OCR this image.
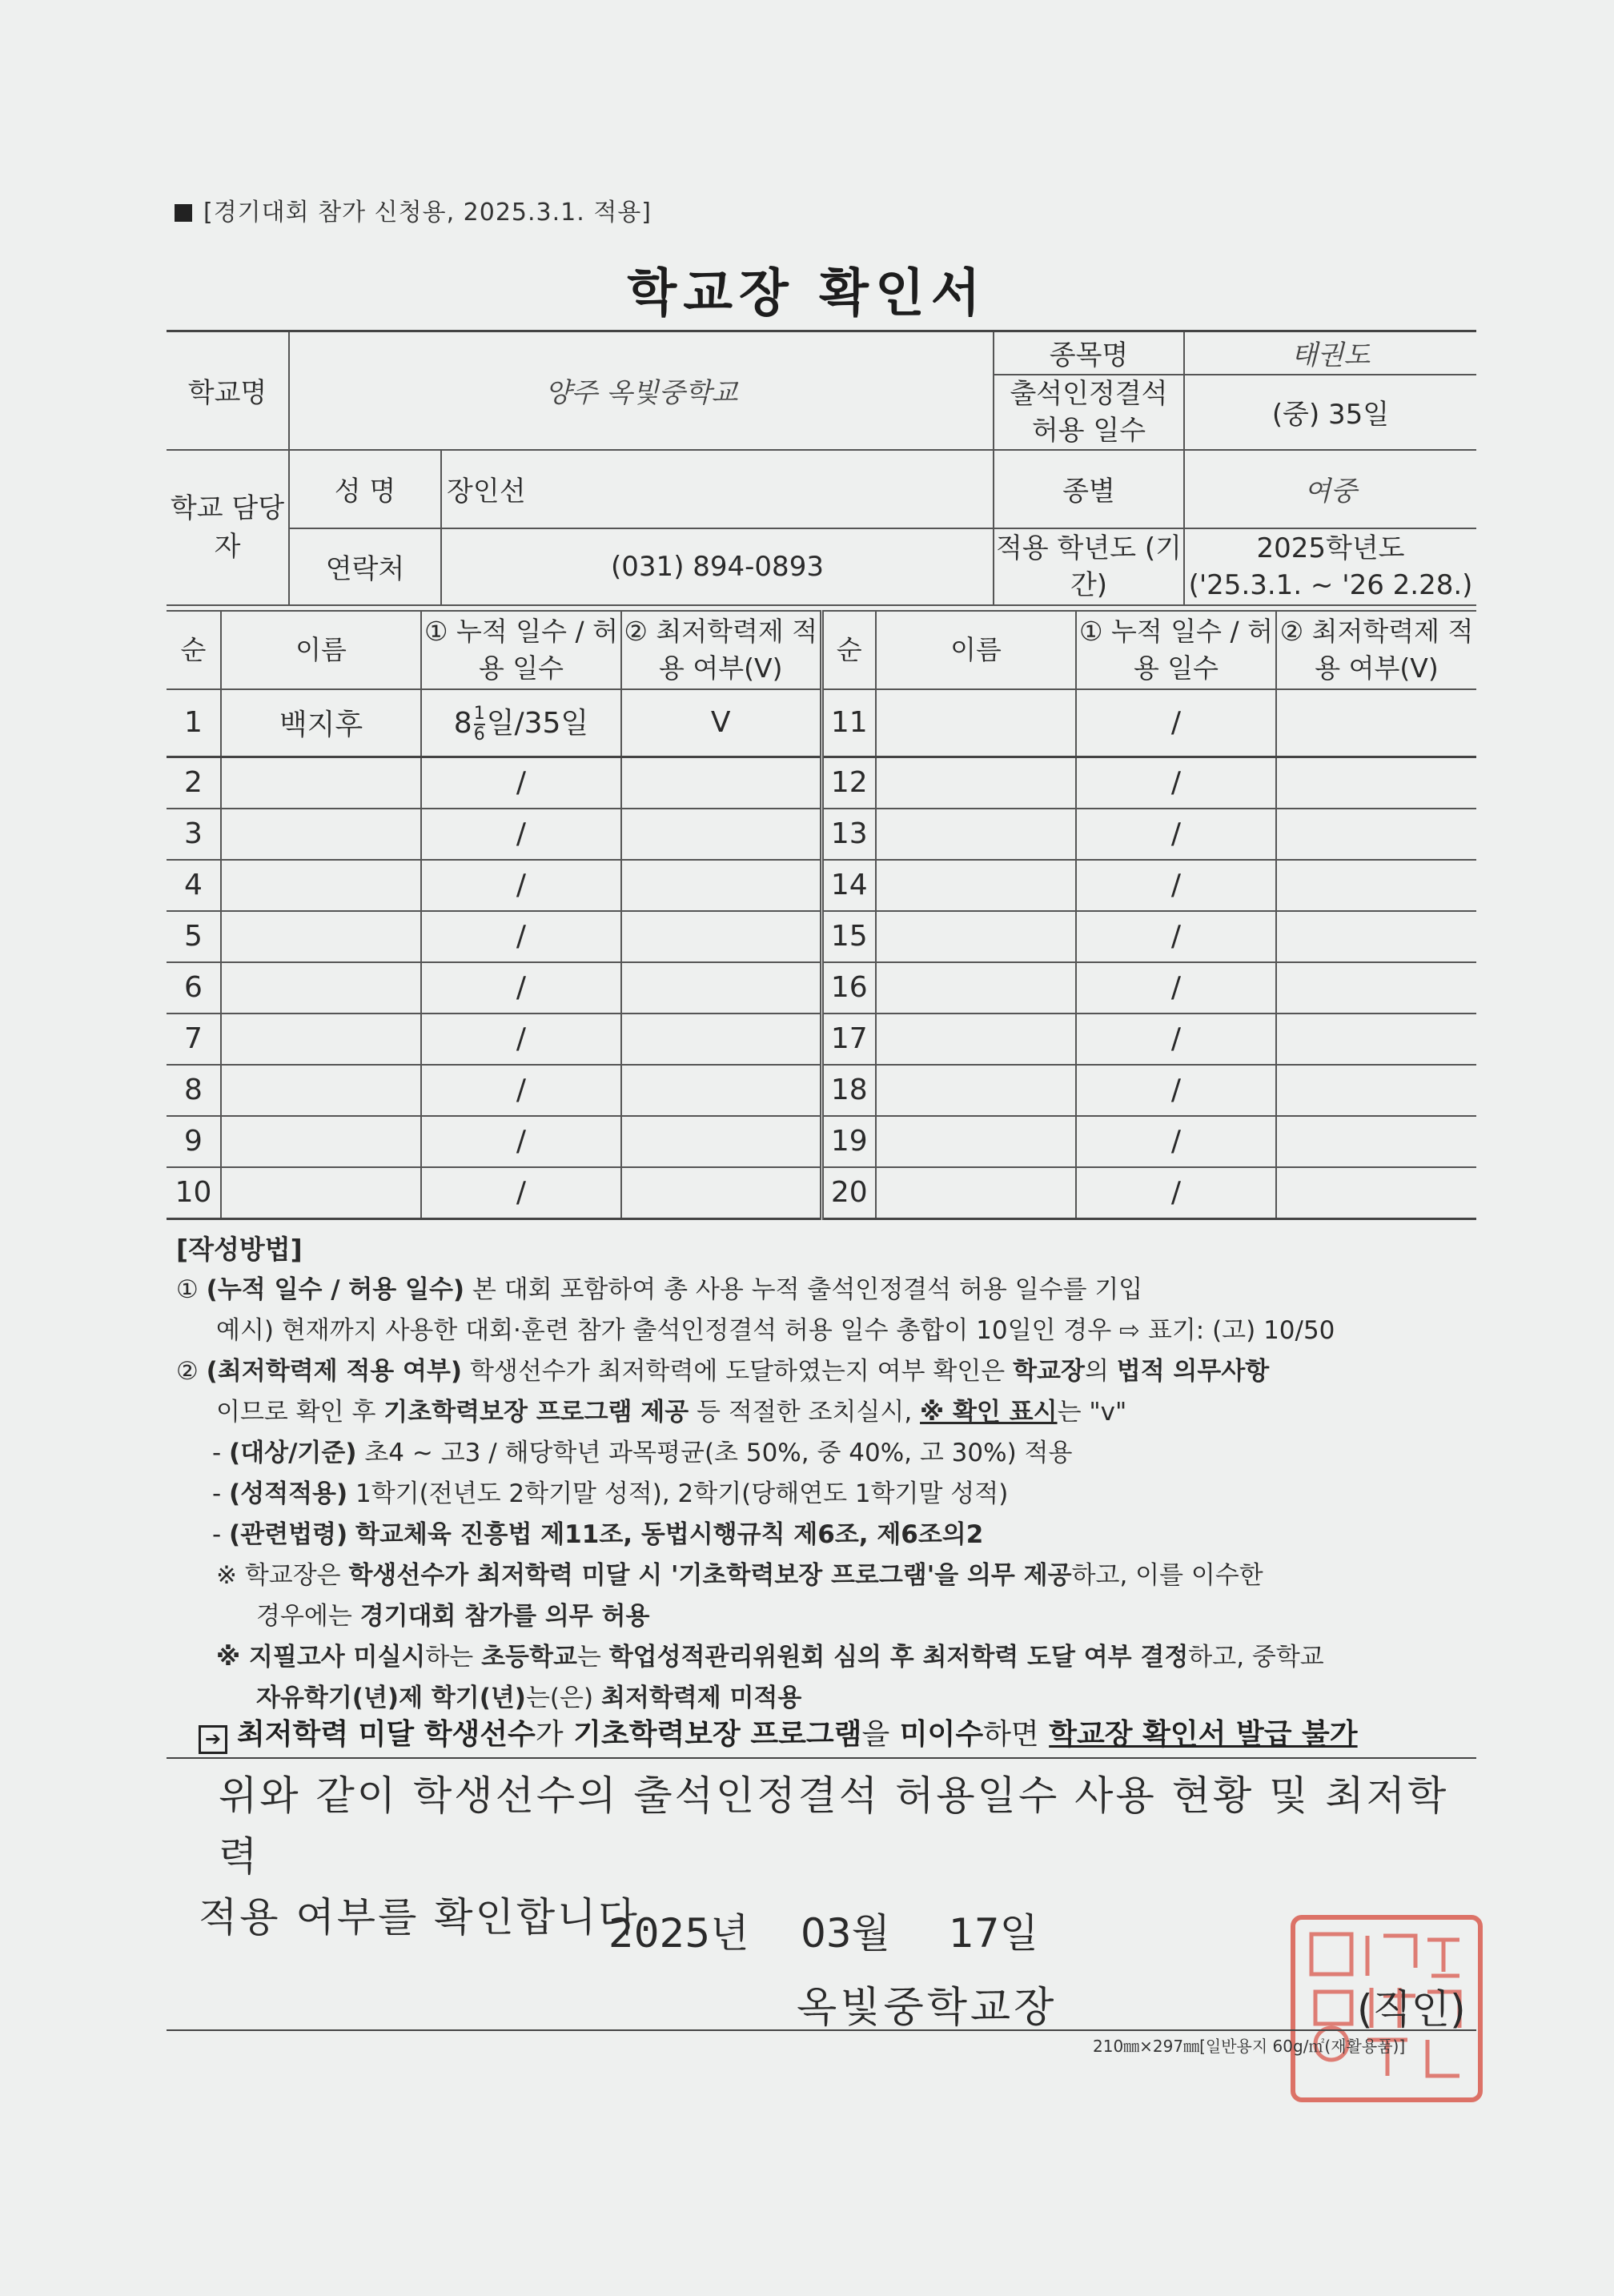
[경기대회 참가 신청용, 2025.3.1. 적용]
학교장 확인서
학교명	양주 옥빛중학교		종목명	태권도
			출석인정결석 허용 일수	(중) 35일
학교 담당자	성 명	장인선	종별	여중
	연락처	(031) 894-0893	적용 학년도 (기간)	2025학년도
('25.3.1. ~ '26 2.28.)
순	이름	① 누적 일수 / 허용 일수	② 최저학력제 적용 여부(V)	순	이름	① 누적 일수 / 허용 일수	② 최저학력제 적용 여부(V)
1	백지후	$8 \frac{1}{6}$ 일/35일	V	11		/	
2		/		12		/	
3		/		13		/	
4		/		14		/	
5		/		15		/	
6		/		16		/	
7		/		17		/	
8		/		18		/	
9		/		19		/	
10		/		20		/	
[작성방법]
① (누적 일수 / 허용 일수) 본 대회 포함하여 총 사용 누적 출석인정결석 허용 일수를 기입
예시) 현재까지 사용한 대회·훈련 참가 출석인정결석 허용 일수 총합이 10일인 경우 ⇨ 표기: (고) 10/50
② (최저학력제 적용 여부) 학생선수가 최저학력에 도달하였는지 여부 확인은 학교장의 법적 의무사항
이므로 확인 후 기초학력보장 프로그램 제공 등 적절한 조치실시, ※ 확인 표시는 "v"
- (대상/기준) 초4 ~ 고3 / 해당학년 과목평균(초 50%, 중 40%, 고 30%) 적용
- (성적적용) 1학기(전년도 2학기말 성적), 2학기(당해연도 1학기말 성적)
- (관련법령) 학교체육 진흥법 제11조, 동법시행규칙 제6조, 제6조의2
※ 학교장은 학생선수가 최저학력 미달 시 '기초학력보장 프로그램'을 의무 제공하고, 이를 이수한
경우에는 경기대회 참가를 의무 허용
※ 지필고사 미실시하는 초등학교는 학업성적관리위원회 심의 후 최저학력 도달 여부 결정하고, 중학교
자유학기(년)제 학기(년)는(은) 최저학력제 미적용
➔ 최저학력 미달 학생선수가 기초학력보장 프로그램을 미이수하면 학교장 확인서 발급 불가
위와 같이 학생선수의 출석인정결석 허용일수 사용 현황 및 최저학력
적용 여부를 확인합니다.
2025년 03월 17일
옥빛중학교장	(직인)
210㎜×297㎜[일반용지 60g/㎡(재활용품)]
